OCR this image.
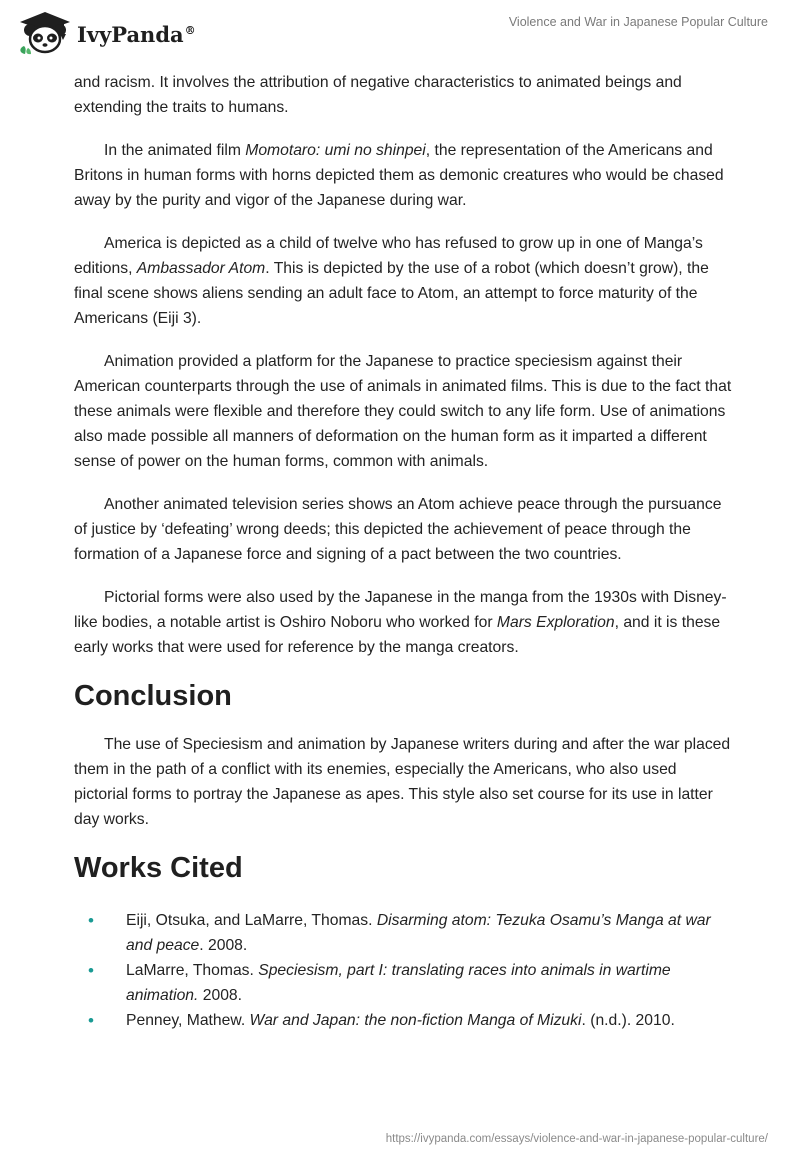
IvyPanda®
Violence and War in Japanese Popular Culture

and racism. It involves the attribution of negative characteristics to animated beings and extending the traits to humans.

In the animated film Momotaro: umi no shinpei, the representation of the Americans and Britons in human forms with horns depicted them as demonic creatures who would be chased away by the purity and vigor of the Japanese during war.

America is depicted as a child of twelve who has refused to grow up in one of Manga’s editions, Ambassador Atom. This is depicted by the use of a robot (which doesn’t grow), the final scene shows aliens sending an adult face to Atom, an attempt to force maturity of the Americans (Eiji 3).

Animation provided a platform for the Japanese to practice speciesism against their American counterparts through the use of animals in animated films. This is due to the fact that these animals were flexible and therefore they could switch to any life form. Use of animations also made possible all manners of deformation on the human form as it imparted a different sense of power on the human forms, common with animals.

Another animated television series shows an Atom achieve peace through the pursuance of justice by ‘defeating’ wrong deeds; this depicted the achievement of peace through the formation of a Japanese force and signing of a pact between the two countries.

Pictorial forms were also used by the Japanese in the manga from the 1930s with Disney-like bodies, a notable artist is Oshiro Noboru who worked for Mars Exploration, and it is these early works that were used for reference by the manga creators.

Conclusion

The use of Speciesism and animation by Japanese writers during and after the war placed them in the path of a conflict with its enemies, especially the Americans, who also used pictorial forms to portray the Japanese as apes. This style also set course for its use in latter day works.

Works Cited
• Eiji, Otsuka, and LaMarre, Thomas. Disarming atom: Tezuka Osamu’s Manga at war and peace. 2008.
• LaMarre, Thomas. Speciesism, part I: translating races into animals in wartime animation. 2008.
• Penney, Mathew. War and Japan: the non-fiction Manga of Mizuki. (n.d.). 2010.
https://ivypanda.com/essays/violence-and-war-in-japanese-popular-culture/
